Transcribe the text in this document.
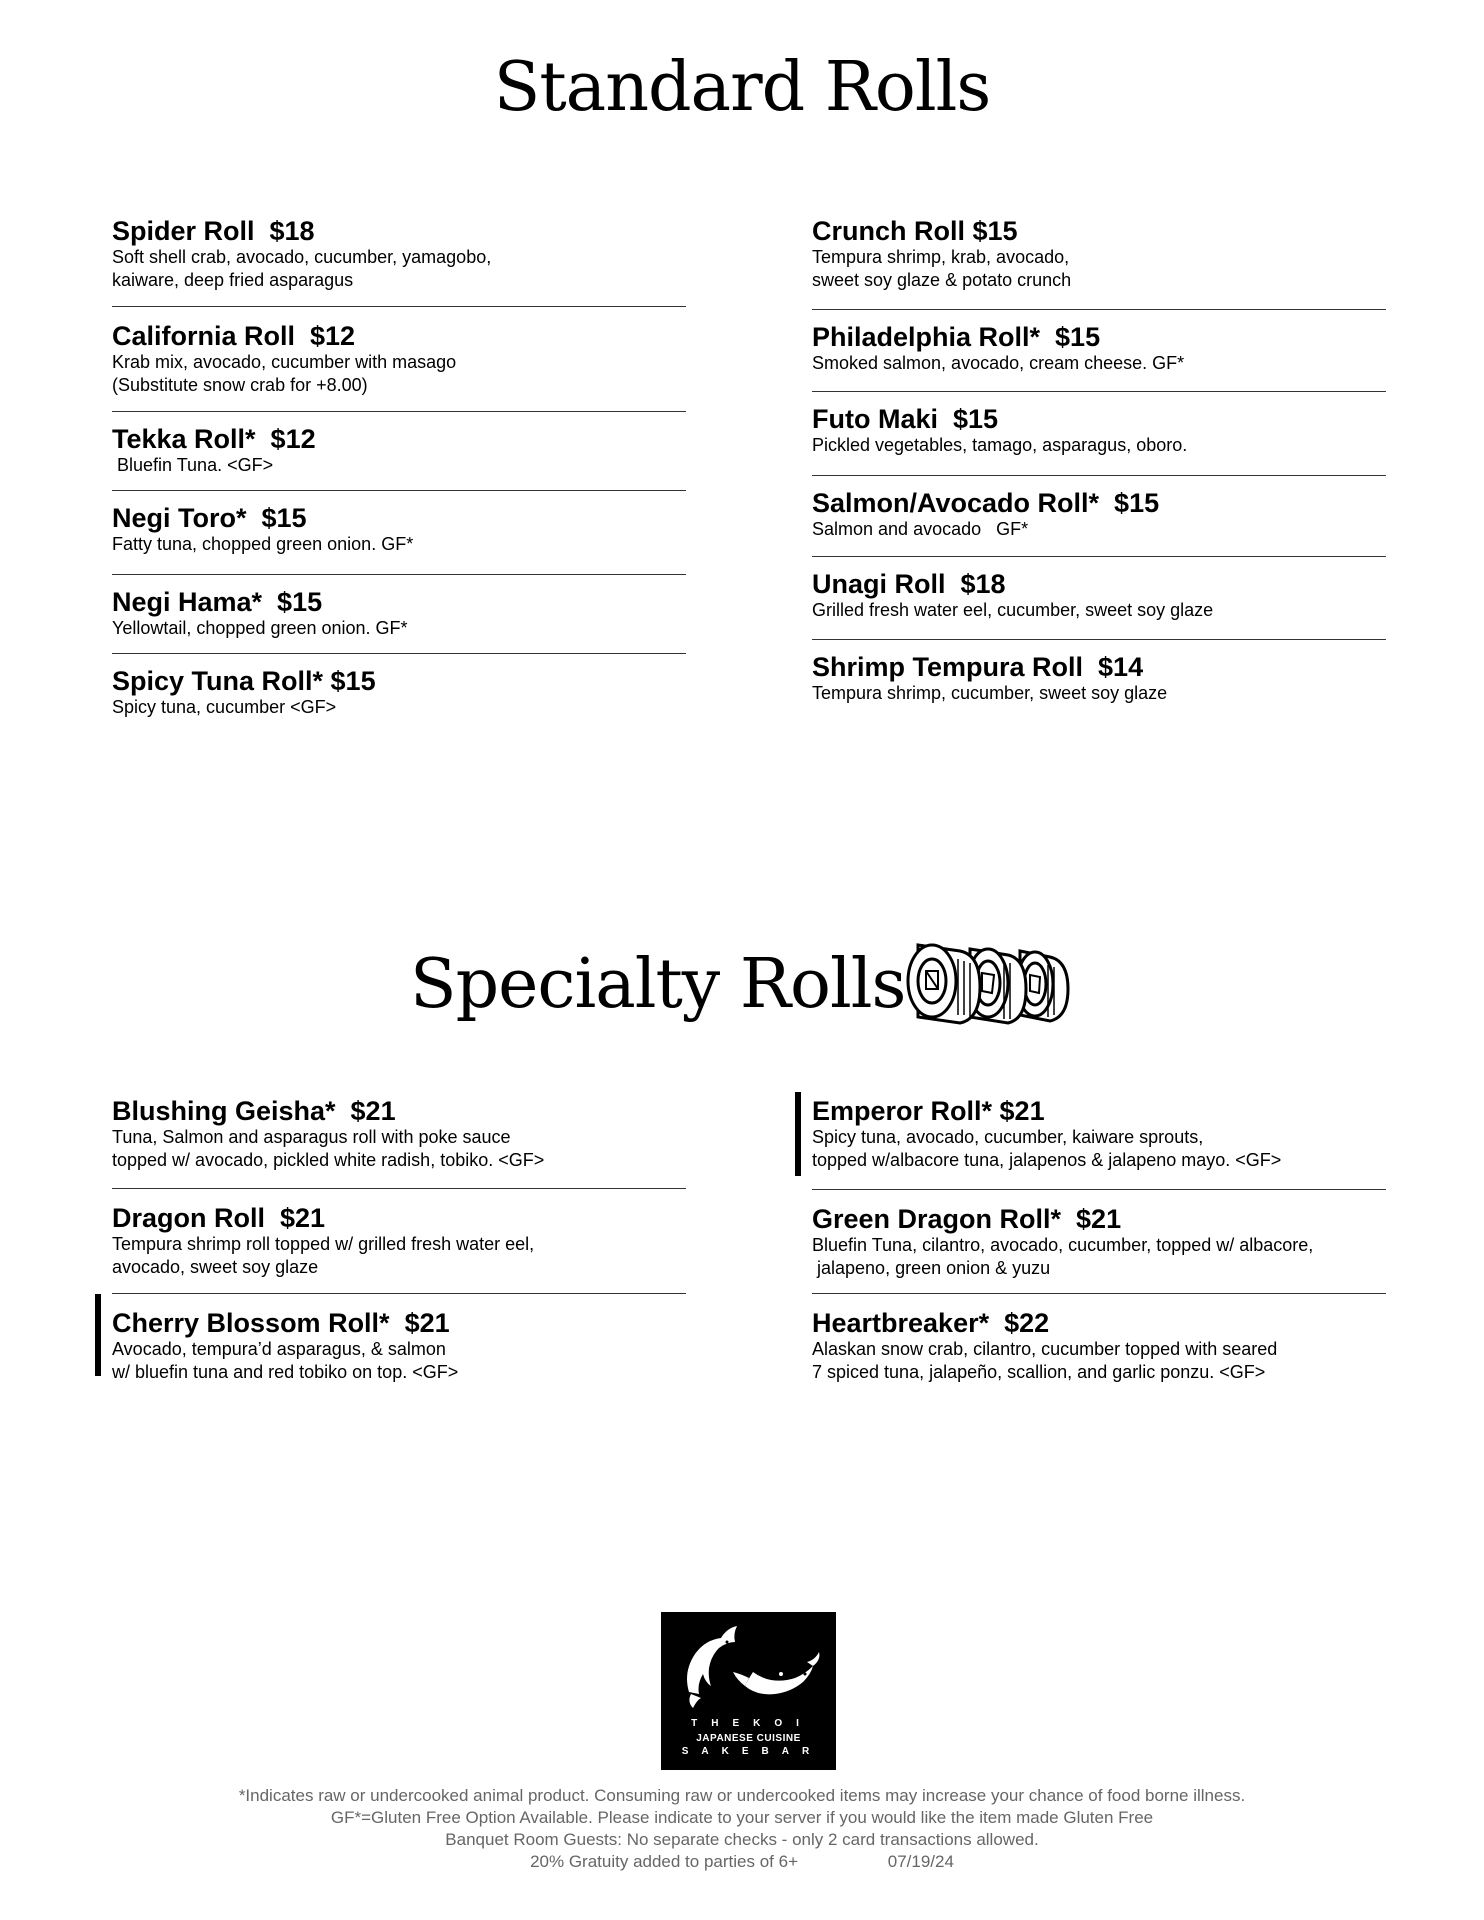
Standard Rolls
Spider Roll  $18
Soft shell crab, avocado, cucumber, yamagobo,
kaiware, deep fried asparagus
California Roll  $12
Krab mix, avocado, cucumber with masago
(Substitute snow crab for +8.00)
Tekka Roll*  $12
Bluefin Tuna. <GF>
Negi Toro*  $15
Fatty tuna, chopped green onion. GF*
Negi Hama*  $15
Yellowtail, chopped green onion. GF*
Spicy Tuna Roll* $15
Spicy tuna, cucumber <GF>
Crunch Roll $15
Tempura shrimp, krab, avocado,
sweet soy glaze & potato crunch
Philadelphia Roll*  $15
Smoked salmon, avocado, cream cheese. GF*
Futo Maki  $15
Pickled vegetables, tamago, asparagus, oboro.
Salmon/Avocado Roll*  $15
Salmon and avocado   GF*
Unagi Roll  $18
Grilled fresh water eel, cucumber, sweet soy glaze
Shrimp Tempura Roll  $14
Tempura shrimp, cucumber, sweet soy glaze
Specialty Rolls
Blushing Geisha*  $21
Tuna, Salmon and asparagus roll with poke sauce
topped w/ avocado, pickled white radish, tobiko. <GF>
Dragon Roll  $21
Tempura shrimp roll topped w/ grilled fresh water eel,
avocado, sweet soy glaze
Cherry Blossom Roll*  $21
Avocado, tempura’d asparagus, & salmon
w/ bluefin tuna and red tobiko on top. <GF>
Emperor Roll* $21
Spicy tuna, avocado, cucumber, kaiware sprouts,
topped w/albacore tuna, jalapenos & jalapeno mayo. <GF>
Green Dragon Roll*  $21
Bluefin Tuna, cilantro, avocado, cucumber, topped w/ albacore,
jalapeno, green onion & yuzu
Heartbreaker*  $22
Alaskan snow crab, cilantro, cucumber topped with seared
7 spiced tuna, jalapeño, scallion, and garlic ponzu. <GF>
THEKOI
JAPANESE CUISINE
SAKEBAR
*Indicates raw or undercooked animal product. Consuming raw or undercooked items may increase your chance of food borne illness.
GF*=Gluten Free Option Available. Please indicate to your server if you would like the item made Gluten Free
Banquet Room Guests: No separate checks - only 2 card transactions allowed.
20% Gratuity added to parties of 6+                   07/19/24
